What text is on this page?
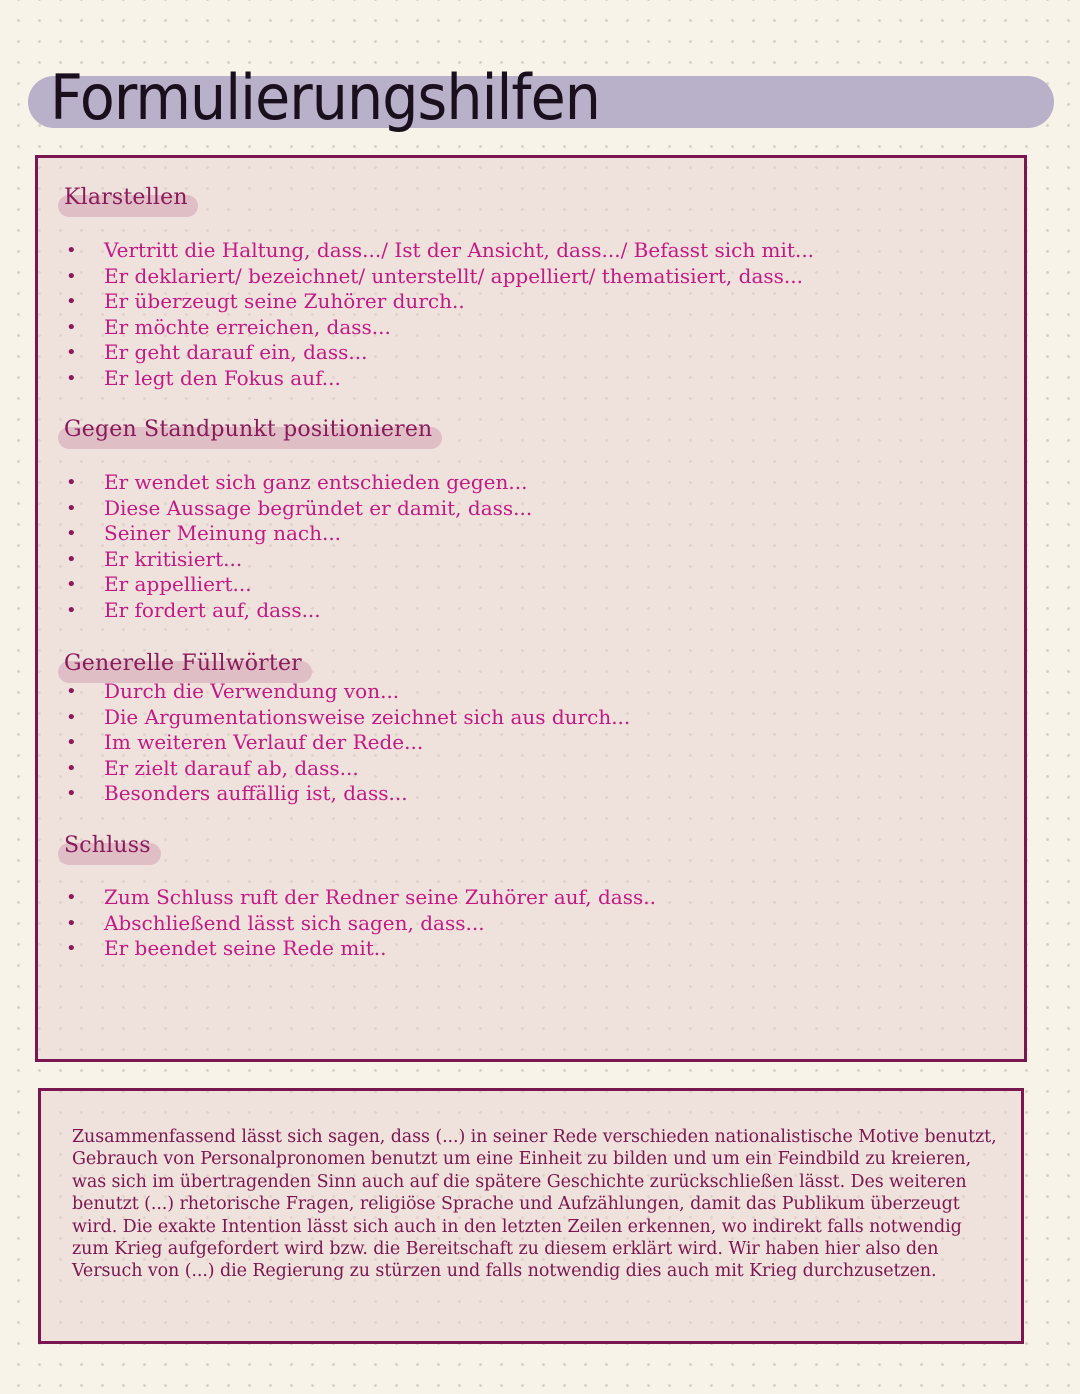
Formulierungshilfen
Klarstellen
• Vertritt die Haltung, dass.../ Ist der Ansicht, dass.../ Befasst sich mit...
• Er deklariert/ bezeichnet/ unterstellt/ appelliert/ thematisiert, dass...
• Er überzeugt seine Zuhörer durch..
• Er möchte erreichen, dass...
• Er geht darauf ein, dass...
• Er legt den Fokus auf...
Gegen Standpunkt positionieren
• Er wendet sich ganz entschieden gegen...
• Diese Aussage begründet er damit, dass...
• Seiner Meinung nach...
• Er kritisiert...
• Er appelliert...
• Er fordert auf, dass...
Generelle Füllwörter
• Durch die Verwendung von...
• Die Argumentationsweise zeichnet sich aus durch...
• Im weiteren Verlauf der Rede...
• Er zielt darauf ab, dass...
• Besonders auffällig ist, dass...
Schluss
• Zum Schluss ruft der Redner seine Zuhörer auf, dass..
• Abschließend lässt sich sagen, dass...
• Er beendet seine Rede mit..

Zusammenfassend lässt sich sagen, dass (...) in seiner Rede verschieden nationalistische Motive benutzt, Gebrauch von Personalpronomen benutzt um eine Einheit zu bilden und um ein Feindbild zu kreieren, was sich im übertragenden Sinn auch auf die spätere Geschichte zurückschließen lässt. Des weiteren benutzt (...) rhetorische Fragen, religiöse Sprache und Aufzählungen, damit das Publikum überzeugt wird. Die exakte Intention lässt sich auch in den letzten Zeilen erkennen, wo indirekt falls notwendig zum Krieg aufgefordert wird bzw. die Bereitschaft zu diesem erklärt wird. Wir haben hier also den Versuch von (...) die Regierung zu stürzen und falls notwendig dies auch mit Krieg durchzusetzen.
